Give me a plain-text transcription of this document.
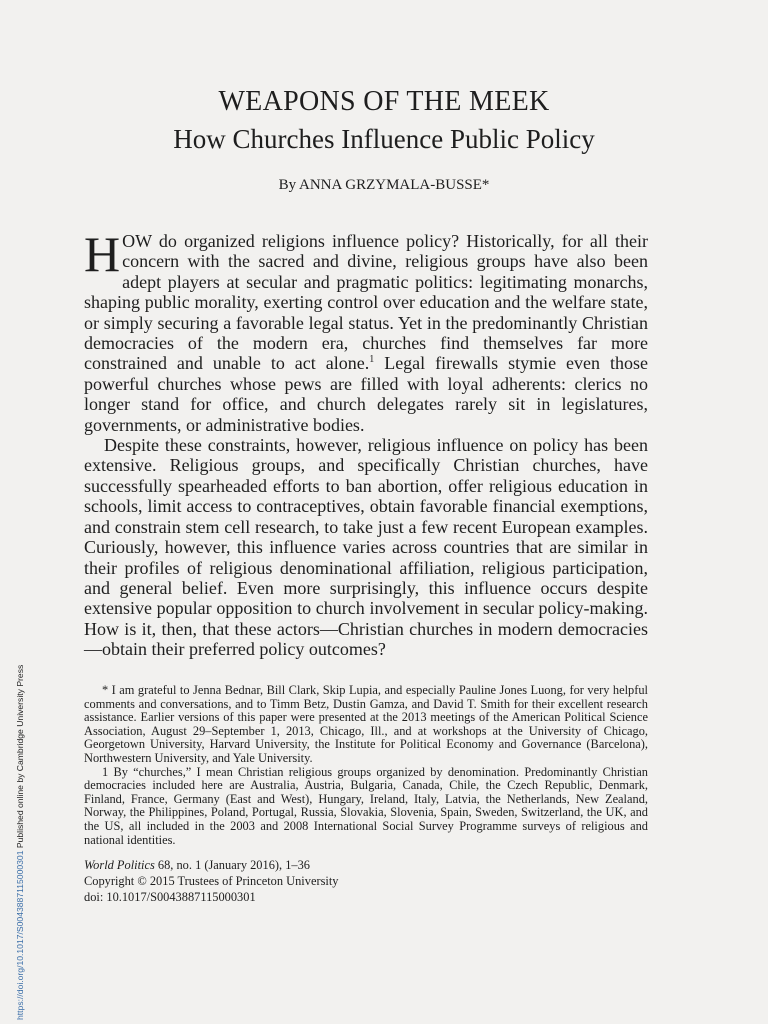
WEAPONS OF THE MEEK
How Churches Influence Public Policy
By ANNA GRZYMALA-BUSSE*

HOW do organized religions influence policy? Historically, for all their concern with the sacred and divine, religious groups have also been adept players at secular and pragmatic politics: legitimating monarchs, shaping public morality, exerting control over education and the welfare state, or simply securing a favorable legal status. Yet in the predominantly Christian democracies of the modern era, churches find themselves far more constrained and unable to act alone.$^1$ Legal firewalls stymie even those powerful churches whose pews are filled with loyal adherents: clerics no longer stand for office, and church delegates rarely sit in legislatures, governments, or administrative bodies.

Despite these constraints, however, religious influence on policy has been extensive. Religious groups, and specifically Christian churches, have successfully spearheaded efforts to ban abortion, offer religious education in schools, limit access to contraceptives, obtain favorable financial exemptions, and constrain stem cell research, to take just a few recent European examples. Curiously, however, this influence varies across countries that are similar in their profiles of religious denominational affiliation, religious participation, and general belief. Even more surprisingly, this influence occurs despite extensive popular opposition to church involvement in secular policy-making. How is it, then, that these actors—Christian churches in modern democracies—obtain their preferred policy outcomes?

* I am grateful to Jenna Bednar, Bill Clark, Skip Lupia, and especially Pauline Jones Luong, for very helpful comments and conversations, and to Timm Betz, Dustin Gamza, and David T. Smith for their excellent research assistance. Earlier versions of this paper were presented at the 2013 meetings of the American Political Science Association, August 29–September 1, 2013, Chicago, Ill., and at workshops at the University of Chicago, Georgetown University, Harvard University, the Institute for Political Economy and Governance (Barcelona), Northwestern University, and Yale University.

1 By “churches,” I mean Christian religious groups organized by denomination. Predominantly Christian democracies included here are Australia, Austria, Bulgaria, Canada, Chile, the Czech Republic, Denmark, Finland, France, Germany (East and West), Hungary, Ireland, Italy, Latvia, the Netherlands, New Zealand, Norway, the Philippines, Poland, Portugal, Russia, Slovakia, Slovenia, Spain, Sweden, Switzerland, the UK, and the US, all included in the 2003 and 2008 International Social Survey Programme surveys of religious and national identities.

World Politics 68, no. 1 (January 2016), 1–36
Copyright © 2015 Trustees of Princeton University
doi: 10.1017/S0043887115000301
https://doi.org/10.1017/S0043887115000301 Published online by Cambridge University Press
